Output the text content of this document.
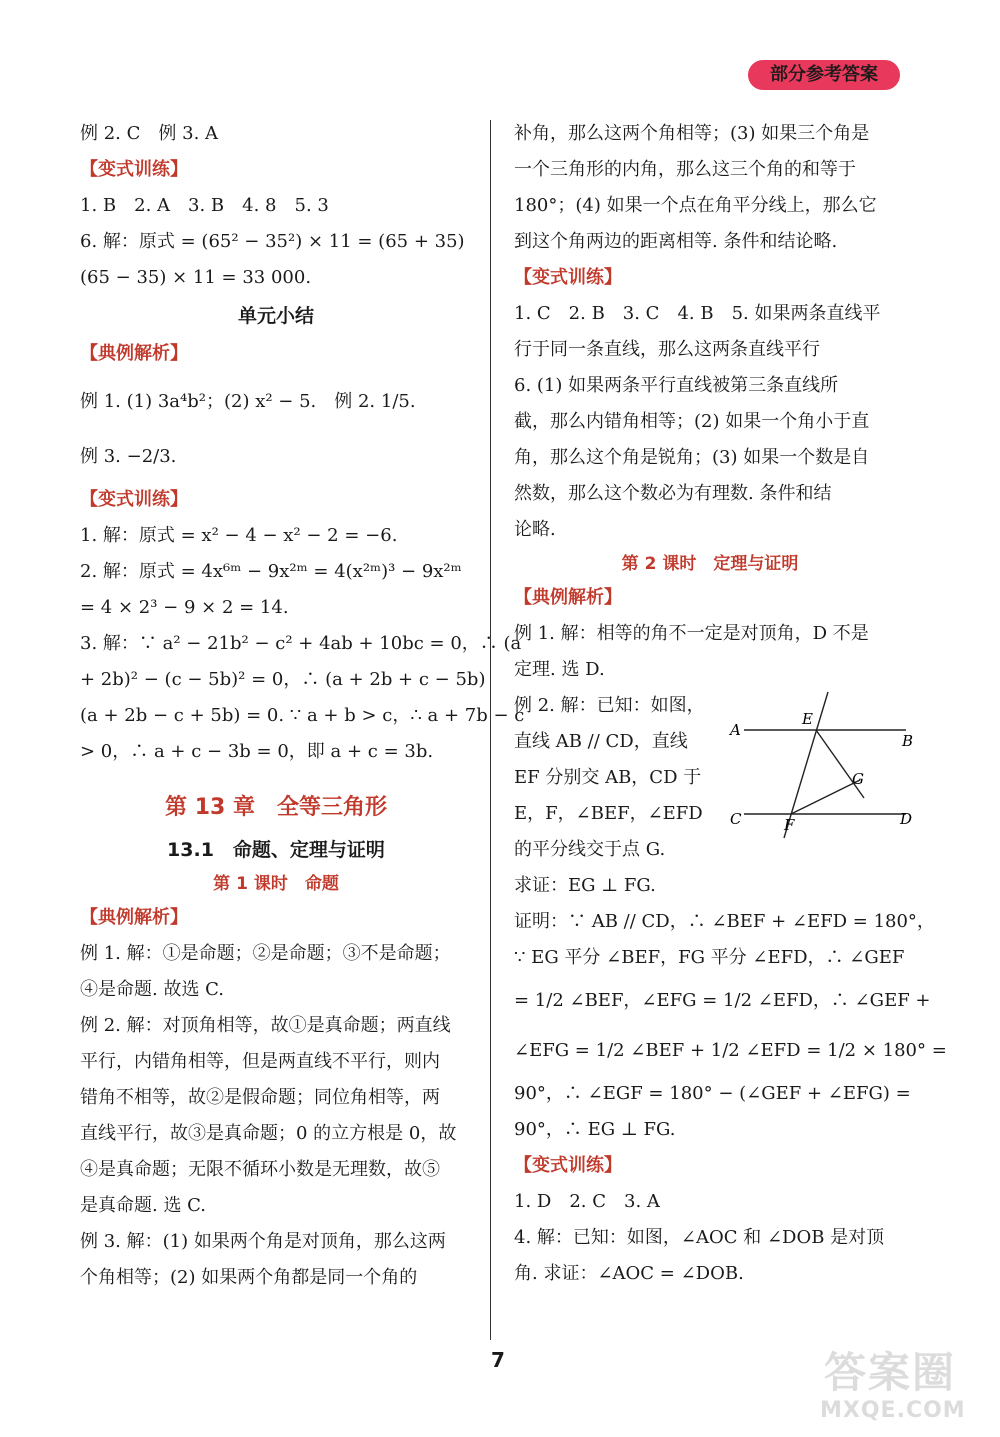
部分参考答案
例 2. C　例 3. A
【变式训练】
1. B　2. A　3. B　4. 8　5. 3
6. 解：原式 = (65² − 35²) × 11 = (65 + 35)
(65 − 35) × 11 = 33 000.
单元小结
【典例解析】
例 1. (1) 3a⁴b²；(2) x² − 5.　例 2. 1/5.
例 3. −2/3.
【变式训练】
1. 解：原式 = x² − 4 − x² − 2 = −6.
2. 解：原式 = 4x⁶ᵐ − 9x²ᵐ = 4(x²ᵐ)³ − 9x²ᵐ
= 4 × 2³ − 9 × 2 = 14.
3. 解：∵ a² − 21b² − c² + 4ab + 10bc = 0，∴ (a
+ 2b)² − (c − 5b)² = 0，∴ (a + 2b + c − 5b)
(a + 2b − c + 5b) = 0. ∵ a + b > c，∴ a + 7b − c
> 0，∴ a + c − 3b = 0，即 a + c = 3b.
第 13 章　全等三角形
13.1　命题、定理与证明
第 1 课时　命题
【典例解析】
例 1. 解：①是命题；②是命题；③不是命题；
④是命题. 故选 C.
例 2. 解：对顶角相等，故①是真命题；两直线
平行，内错角相等，但是两直线不平行，则内
错角不相等，故②是假命题；同位角相等，两
直线平行，故③是真命题；0 的立方根是 0，故
④是真命题；无限不循环小数是无理数，故⑤
是真命题. 选 C.
例 3. 解：(1) 如果两个角是对顶角，那么这两
个角相等；(2) 如果两个角都是同一个角的
补角，那么这两个角相等；(3) 如果三个角是
一个三角形的内角，那么这三个角的和等于
180°；(4) 如果一个点在角平分线上，那么它
到这个角两边的距离相等. 条件和结论略.
【变式训练】
1. C　2. B　3. C　4. B　5. 如果两条直线平
行于同一条直线，那么这两条直线平行
6. (1) 如果两条平行直线被第三条直线所
截，那么内错角相等；(2) 如果一个角小于直
角，那么这个角是锐角；(3) 如果一个数是自
然数，那么这个数必为有理数. 条件和结
论略.
第 2 课时　定理与证明
【典例解析】
例 1. 解：相等的角不一定是对顶角，D 不是
定理. 选 D.
例 2. 解：已知：如图，
直线 AB // CD，直线
EF 分别交 AB，CD 于
E，F，∠BEF，∠EFD
的平分线交于点 G.
A
B
C	D
E
F
G
求证：EG ⊥ FG.
证明：∵ AB // CD，∴ ∠BEF + ∠EFD = 180°，
∵ EG 平分 ∠BEF，FG 平分 ∠EFD，∴ ∠GEF
= 1/2 ∠BEF，∠EFG = 1/2 ∠EFD，∴ ∠GEF +
∠EFG = 1/2 ∠BEF + 1/2 ∠EFD = 1/2 × 180° =
90°，∴ ∠EGF = 180° − (∠GEF + ∠EFG) =
90°，∴ EG ⊥ FG.
【变式训练】
1. D　2. C　3. A
4. 解：已知：如图，∠AOC 和 ∠DOB 是对顶
角. 求证：∠AOC = ∠DOB.
7	答案圈
MXQE.COM
